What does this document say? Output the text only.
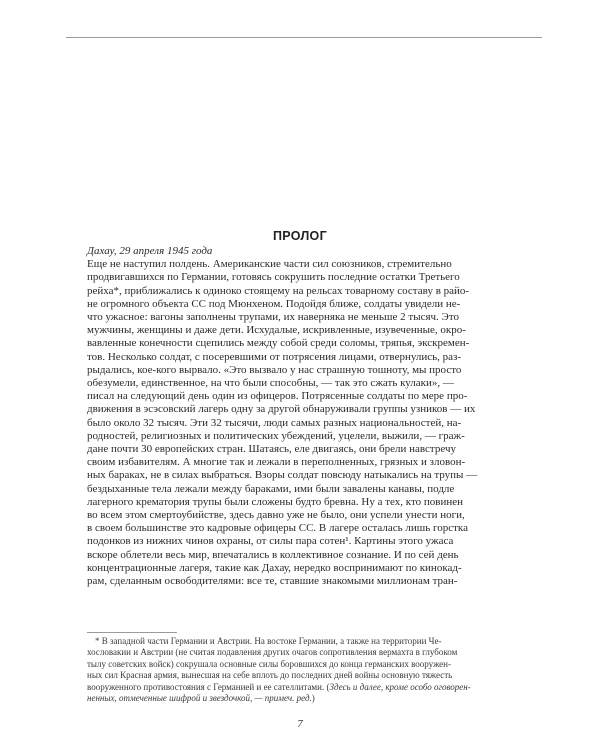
ПРОЛОГ
Дахау, 29 апреля 1945 года
Еще не наступил полдень. Американские части сил союзников, стремительно
продвигавшихся по Германии, готовясь сокрушить последние остатки Третьего
рейха*, приближались к одиноко стоящему на рельсах товарному составу в райо-
не огромного объекта СС под Мюнхеном. Подойдя ближе, солдаты увидели не-
что ужасное: вагоны заполнены трупами, их наверняка не меньше 2 тысяч. Это
мужчины, женщины и даже дети. Исхудалые, искривленные, изувеченные, окро-
вавленные конечности сцепились между собой среди соломы, тряпья, экскремен-
тов. Несколько солдат, с посеревшими от потрясения лицами, отвернулись, раз-
рыдались, кое-кого вырвало. «Это вызвало у нас страшную тошноту, мы просто
обезумели, единственное, на что были способны, — так это сжать кулаки», —
писал на следующий день один из офицеров. Потрясенные солдаты по мере про-
движения в эсэсовский лагерь одну за другой обнаруживали группы узников — их
было около 32 тысяч. Эти 32 тысячи, люди самых разных национальностей, на-
родностей, религиозных и политических убеждений, уцелели, выжили, — граж-
дане почти 30 европейских стран. Шатаясь, еле двигаясь, они брели навстречу
своим избавителям. А многие так и лежали в переполненных, грязных и зловон-
ных бараках, не в силах выбраться. Взоры солдат повсюду натыкались на трупы —
бездыханные тела лежали между бараками, ими были завалены канавы, подле
лагерного крематория трупы были сложены будто бревна. Ну а тех, кто повинен
во всем этом смертоубийстве, здесь давно уже не было, они успели унести ноги,
в своем большинстве это кадровые офицеры СС. В лагере осталась лишь горстка
подонков из нижних чинов охраны, от силы пара сотен¹. Картины этого ужаса
вскоре облетели весь мир, впечатались в коллективное сознание. И по сей день
концентрационные лагеря, такие как Дахау, нередко воспринимают по кинокад-
рам, сделанным освободителями: все те, ставшие знакомыми миллионам тран-
* В западной части Германии и Австрии. На востоке Германии, а также на территории Че-
хословакии и Австрии (не считая подавления других очагов сопротивления вермахта в глубоком
тылу советских войск) сокрушала основные силы боровшихся до конца германских вооружен-
ных сил Красная армия, вынесшая на себе вплоть до последних дней войны основную тяжесть
вооруженного противостояния с Германией и ее сателлитами. (Здесь и далее, кроме особо оговорен-
ненных, отмеченные шифрой и звездочкой, — примеч. ред.)
7
